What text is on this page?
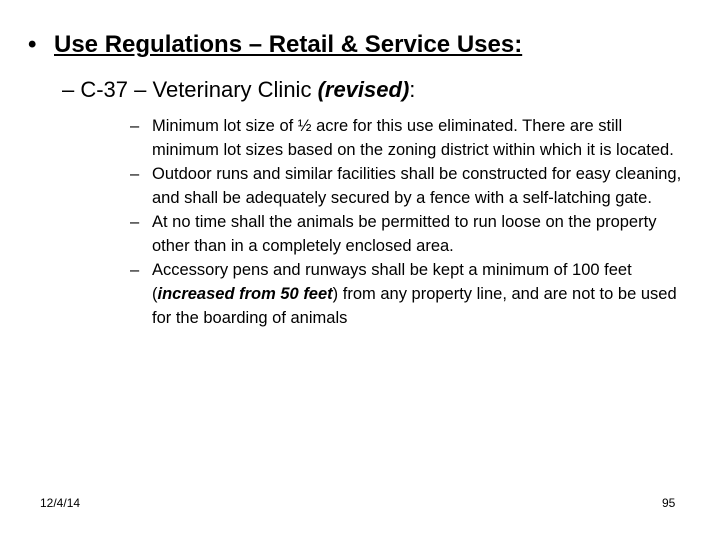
• Use Regulations – Retail & Service Uses:
– C-37 – Veterinary Clinic (revised):
– Minimum lot size of ½ acre for this use eliminated. There are still minimum lot sizes based on the zoning district within which it is located.
– Outdoor runs and similar facilities shall be constructed for easy cleaning, and shall be adequately secured by a fence with a self-latching gate.
– At no time shall the animals be permitted to run loose on the property other than in a completely enclosed area.
– Accessory pens and runways shall be kept a minimum of 100 feet (increased from 50 feet) from any property line, and are not to be used for the boarding of animals
12/4/14	95
